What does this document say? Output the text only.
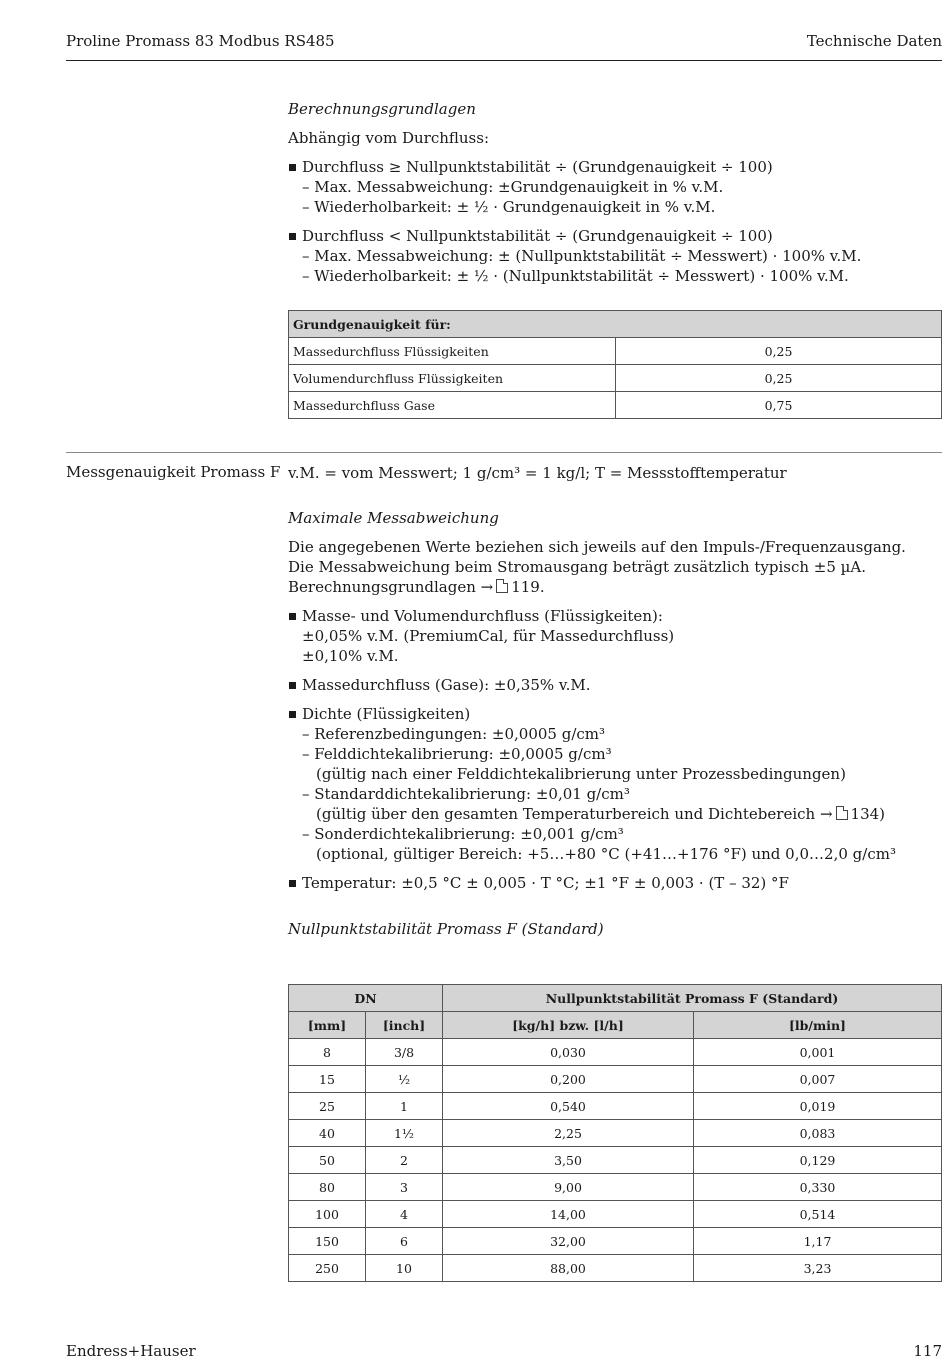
Proline Promass 83 Modbus RS485	Technische Daten
Berechnungsgrundlagen
Abhängig vom Durchfluss:
Durchfluss ≥ Nullpunktstabilität ÷ (Grundgenauigkeit ÷ 100)
– Max. Messabweichung: ±Grundgenauigkeit in % v.M.
– Wiederholbarkeit: ± ½ · Grundgenauigkeit in % v.M.
Durchfluss < Nullpunktstabilität ÷ (Grundgenauigkeit ÷ 100)
– Max. Messabweichung: ± (Nullpunktstabilität ÷ Messwert) · 100% v.M.
– Wiederholbarkeit: ± ½ · (Nullpunktstabilität ÷ Messwert) · 100% v.M.
Grundgenauigkeit für:	
Massedurchfluss Flüssigkeiten	0,25
Volumendurchfluss Flüssigkeiten	0,25
Massedurchfluss Gase	0,75
Messgenauigkeit Promass F v.M. = vom Messwert; 1 g/cm³ = 1 kg/l; T = Messstofftemperatur
Maximale Messabweichung
Die angegebenen Werte beziehen sich jeweils auf den Impuls-/Frequenzausgang.
Die Messabweichung beim Stromausgang beträgt zusätzlich typisch ±5 µA.
Berechnungsgrundlagen → 119.
Masse- und Volumendurchfluss (Flüssigkeiten):
±0,05% v.M. (PremiumCal, für Massedurchfluss)
±0,10% v.M.
Massedurchfluss (Gase): ±0,35% v.M.
Dichte (Flüssigkeiten)
– Referenzbedingungen: ±0,0005 g/cm³
– Felddichtekalibrierung: ±0,0005 g/cm³
(gültig nach einer Felddichtekalibrierung unter Prozessbedingungen)
– Standarddichtekalibrierung: ±0,01 g/cm³
(gültig über den gesamten Temperaturbereich und Dichtebereich → 134)
– Sonderdichtekalibrierung: ±0,001 g/cm³
(optional, gültiger Bereich: +5…+80 °C (+41…+176 °F) und 0,0…2,0 g/cm³
Temperatur: ±0,5 °C ± 0,005 · T °C; ±1 °F ± 0,003 · (T – 32) °F
Nullpunktstabilität Promass F (Standard)
DN		Nullpunktstabilität Promass F (Standard)	
[mm]	[inch]	[kg/h] bzw. [l/h]	[lb/min]
8	3/8	0,030	0,001
15	½	0,200	0,007
25	1	0,540	0,019
40	1½	2,25	0,083
50	2	3,50	0,129
80	3	9,00	0,330
100	4	14,00	0,514
150	6	32,00	1,17
250	10	88,00	3,23
Endress+Hauser	117
